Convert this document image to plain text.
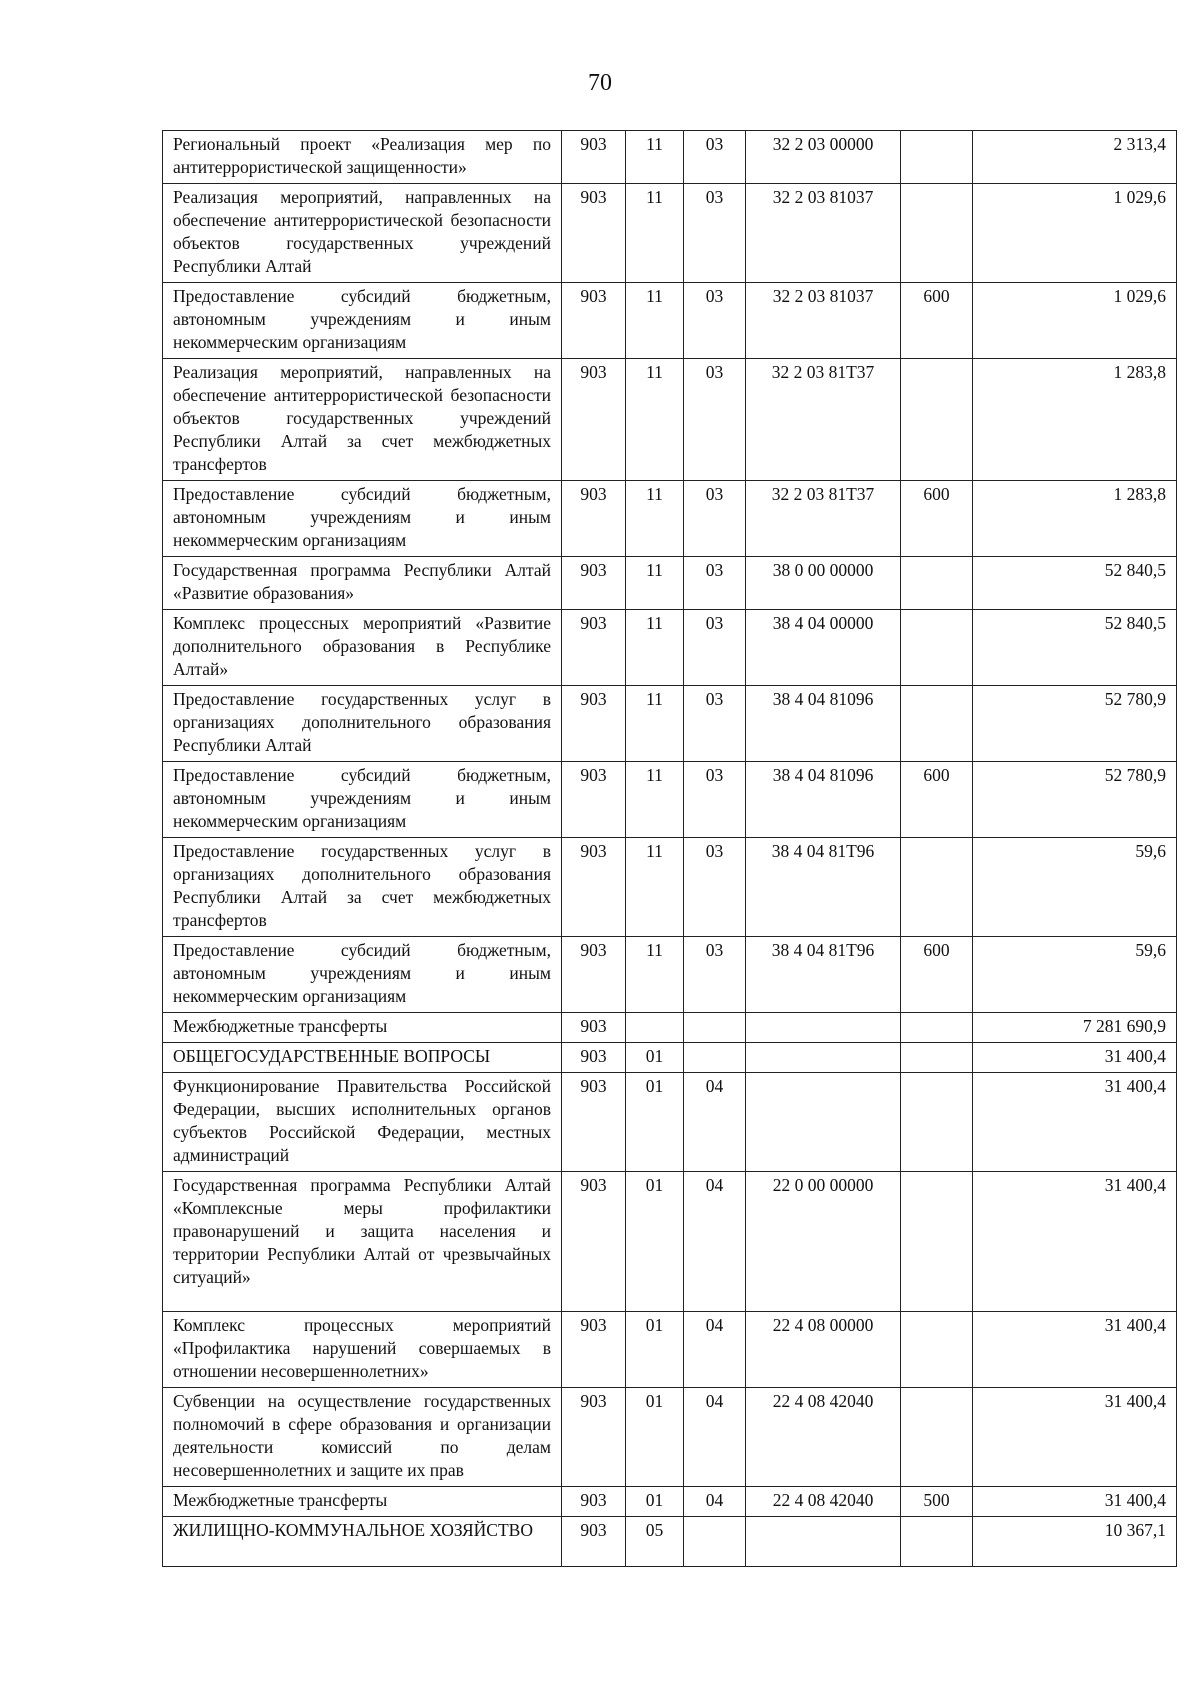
70
Региональный проект «Реализация мер по антитеррористической защищенности»	903	11	03	32 2 03 00000		2 313,4
Реализация мероприятий, направленных на обеспечение антитеррористической безопасности объектов государственных учреждений Республики Алтай	903	11	03	32 2 03 81037		1 029,6
Предоставление субсидий бюджетным, автономным учреждениям и иным некоммерческим организациям	903	11	03	32 2 03 81037	600	1 029,6
Реализация мероприятий, направленных на обеспечение антитеррористической безопасности объектов государственных учреждений Республики Алтай за счет межбюджетных трансфертов	903	11	03	32 2 03 81Т37		1 283,8
Предоставление субсидий бюджетным, автономным учреждениям и иным некоммерческим организациям	903	11	03	32 2 03 81Т37	600	1 283,8
Государственная программа Республики Алтай «Развитие образования»	903	11	03	38 0 00 00000		52 840,5
Комплекс процессных мероприятий «Развитие дополнительного образования в Республике Алтай»	903	11	03	38 4 04 00000		52 840,5
Предоставление государственных услуг в организациях дополнительного образования Республики Алтай	903	11	03	38 4 04 81096		52 780,9
Предоставление субсидий бюджетным, автономным учреждениям и иным некоммерческим организациям	903	11	03	38 4 04 81096	600	52 780,9
Предоставление государственных услуг в организациях дополнительного образования Республики Алтай за счет межбюджетных трансфертов	903	11	03	38 4 04 81Т96		59,6
Предоставление субсидий бюджетным, автономным учреждениям и иным некоммерческим организациям	903	11	03	38 4 04 81Т96	600	59,6
Межбюджетные трансферты	903					7 281 690,9
ОБЩЕГОСУДАРСТВЕННЫЕ ВОПРОСЫ	903	01				31 400,4
Функционирование Правительства Российской Федерации, высших исполнительных органов субъектов Российской Федерации, местных администраций	903	01	04			31 400,4
Государственная программа Республики Алтай «Комплексные меры профилактики правонарушений и защита населения и территории Республики Алтай от чрезвычайных ситуаций»	903	01	04	22 0 00 00000		31 400,4
Комплекс процессных мероприятий «Профилактика нарушений совершаемых в отношении несовершеннолетних»	903	01	04	22 4 08 00000		31 400,4
Субвенции на осуществление государственных полномочий в сфере образования и организации деятельности комиссий по делам несовершеннолетних и защите их прав	903	01	04	22 4 08 42040		31 400,4
Межбюджетные трансферты	903	01	04	22 4 08 42040	500	31 400,4
ЖИЛИЩНО-КОММУНАЛЬНОЕ ХОЗЯЙСТВО	903	05				10 367,1
